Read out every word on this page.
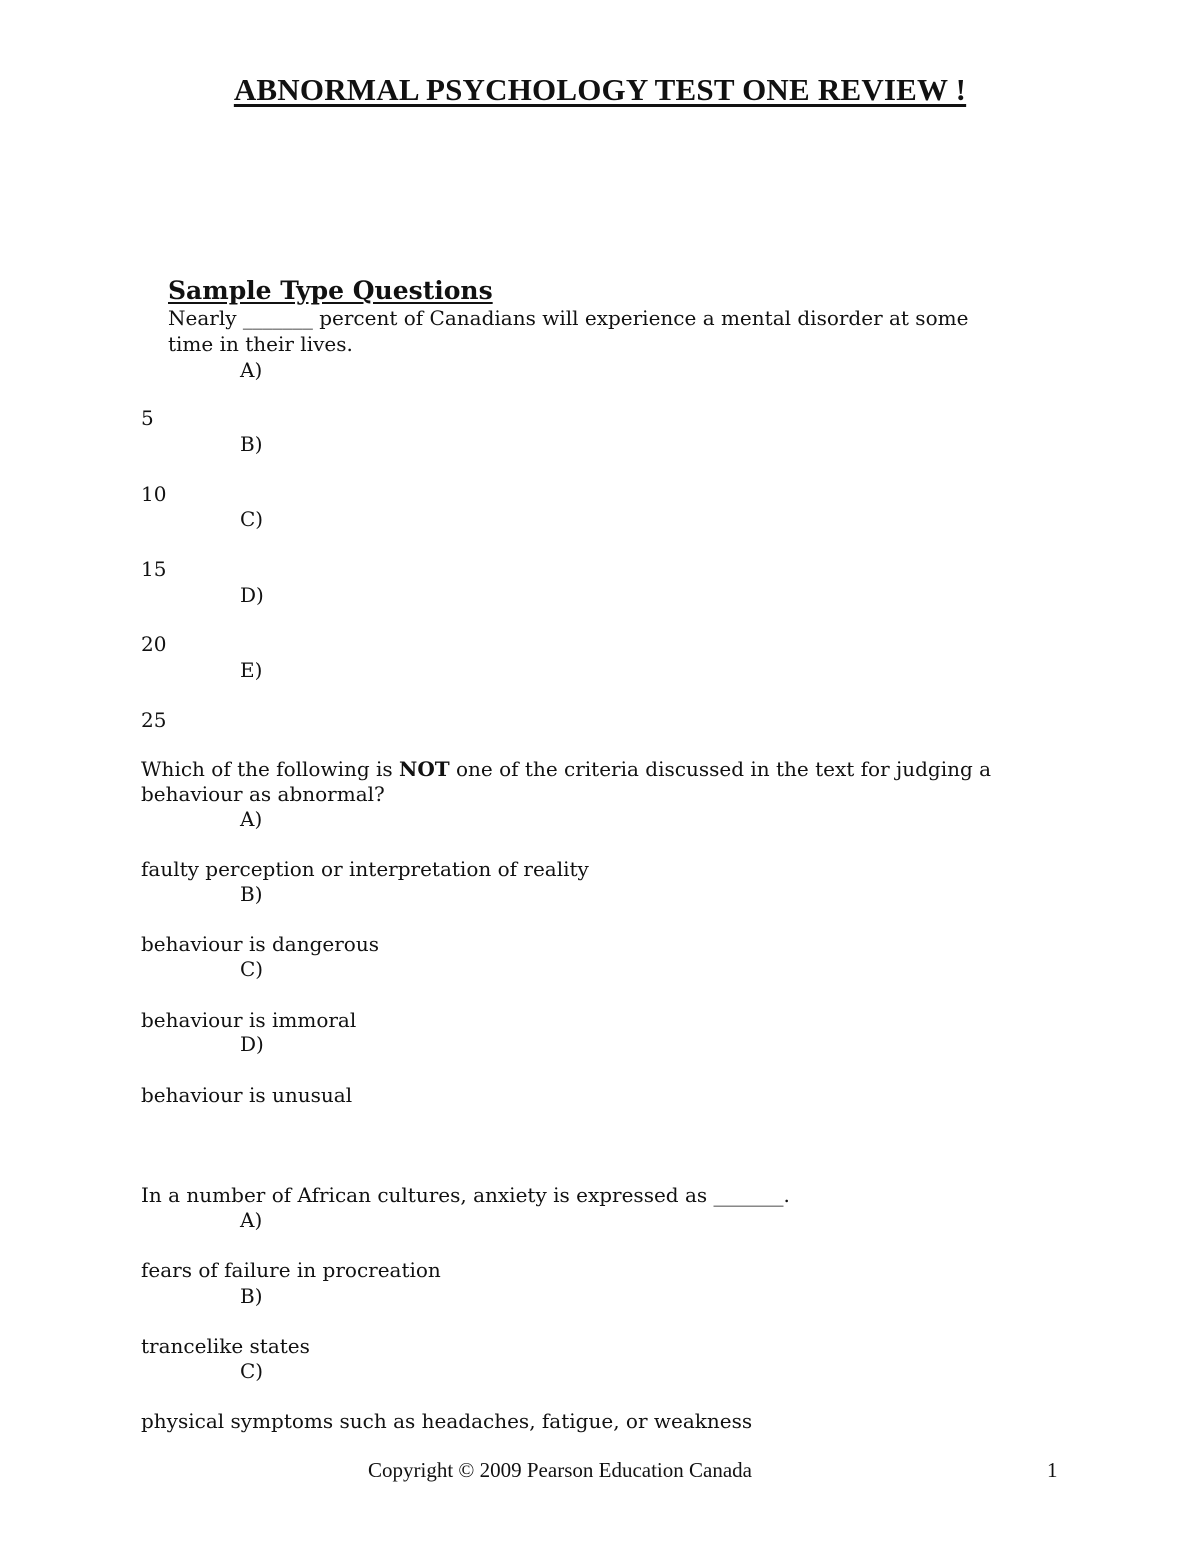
ABNORMAL PSYCHOLOGY TEST ONE REVIEW !
Sample Type Questions
Nearly _______ percent of Canadians will experience a mental disorder at some
time in their lives.
A)
5
B)
10
C)
15
D)
20
E)
25
Which of the following is NOT one of the criteria discussed in the text for judging a
behaviour as abnormal?
A)
faulty perception or interpretation of reality
B)
behaviour is dangerous
C)
behaviour is immoral
D)
behaviour is unusual
In a number of African cultures, anxiety is expressed as _______.
A)
fears of failure in procreation
B)
trancelike states
C)
physical symptoms such as headaches, fatigue, or weakness
Copyright © 2009 Pearson Education Canada	1
